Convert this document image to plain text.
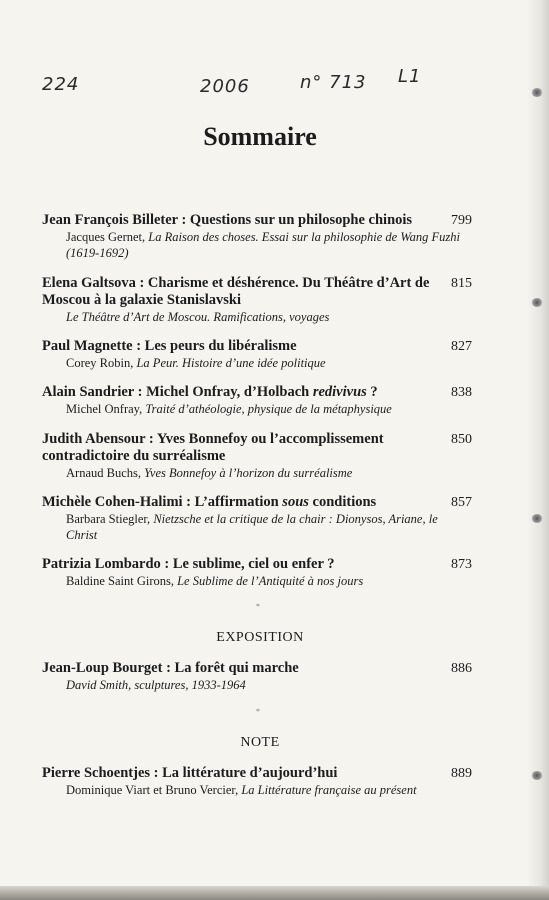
224	2006	n° 713 L1
Sommaire
Jean François Billeter : Questions sur un philosophe chinois
Jacques Gernet, La Raison des choses. Essai sur la philosophie de Wang Fuzhi (1619-1692)
799
Elena Galtsova : Charisme et déshérence. Du Théâtre d’Art de Moscou à la galaxie Stanislavski
Le Théâtre d’Art de Moscou. Ramifications, voyages
815
Paul Magnette : Les peurs du libéralisme
Corey Robin, La Peur. Histoire d’une idée politique
827
Alain Sandrier : Michel Onfray, d’Holbach redivivus ?
Michel Onfray, Traité d’athéologie, physique de la métaphysique
838
Judith Abensour : Yves Bonnefoy ou l’accomplissement contradictoire du surréalisme
Arnaud Buchs, Yves Bonnefoy à l’horizon du surréalisme
850
Michèle Cohen-Halimi : L’affirmation sous conditions
Barbara Stiegler, Nietzsche et la critique de la chair : Dionysos, Ariane, le Christ
857
Patrizia Lombardo : Le sublime, ciel ou enfer ?
Baldine Saint Girons, Le Sublime de l’Antiquité à nos jours
873
*
EXPOSITION
Jean-Loup Bourget : La forêt qui marche
David Smith, sculptures, 1933-1964
886
*
NOTE
Pierre Schoentjes : La littérature d’aujourd’hui
Dominique Viart et Bruno Vercier, La Littérature française au présent
889
